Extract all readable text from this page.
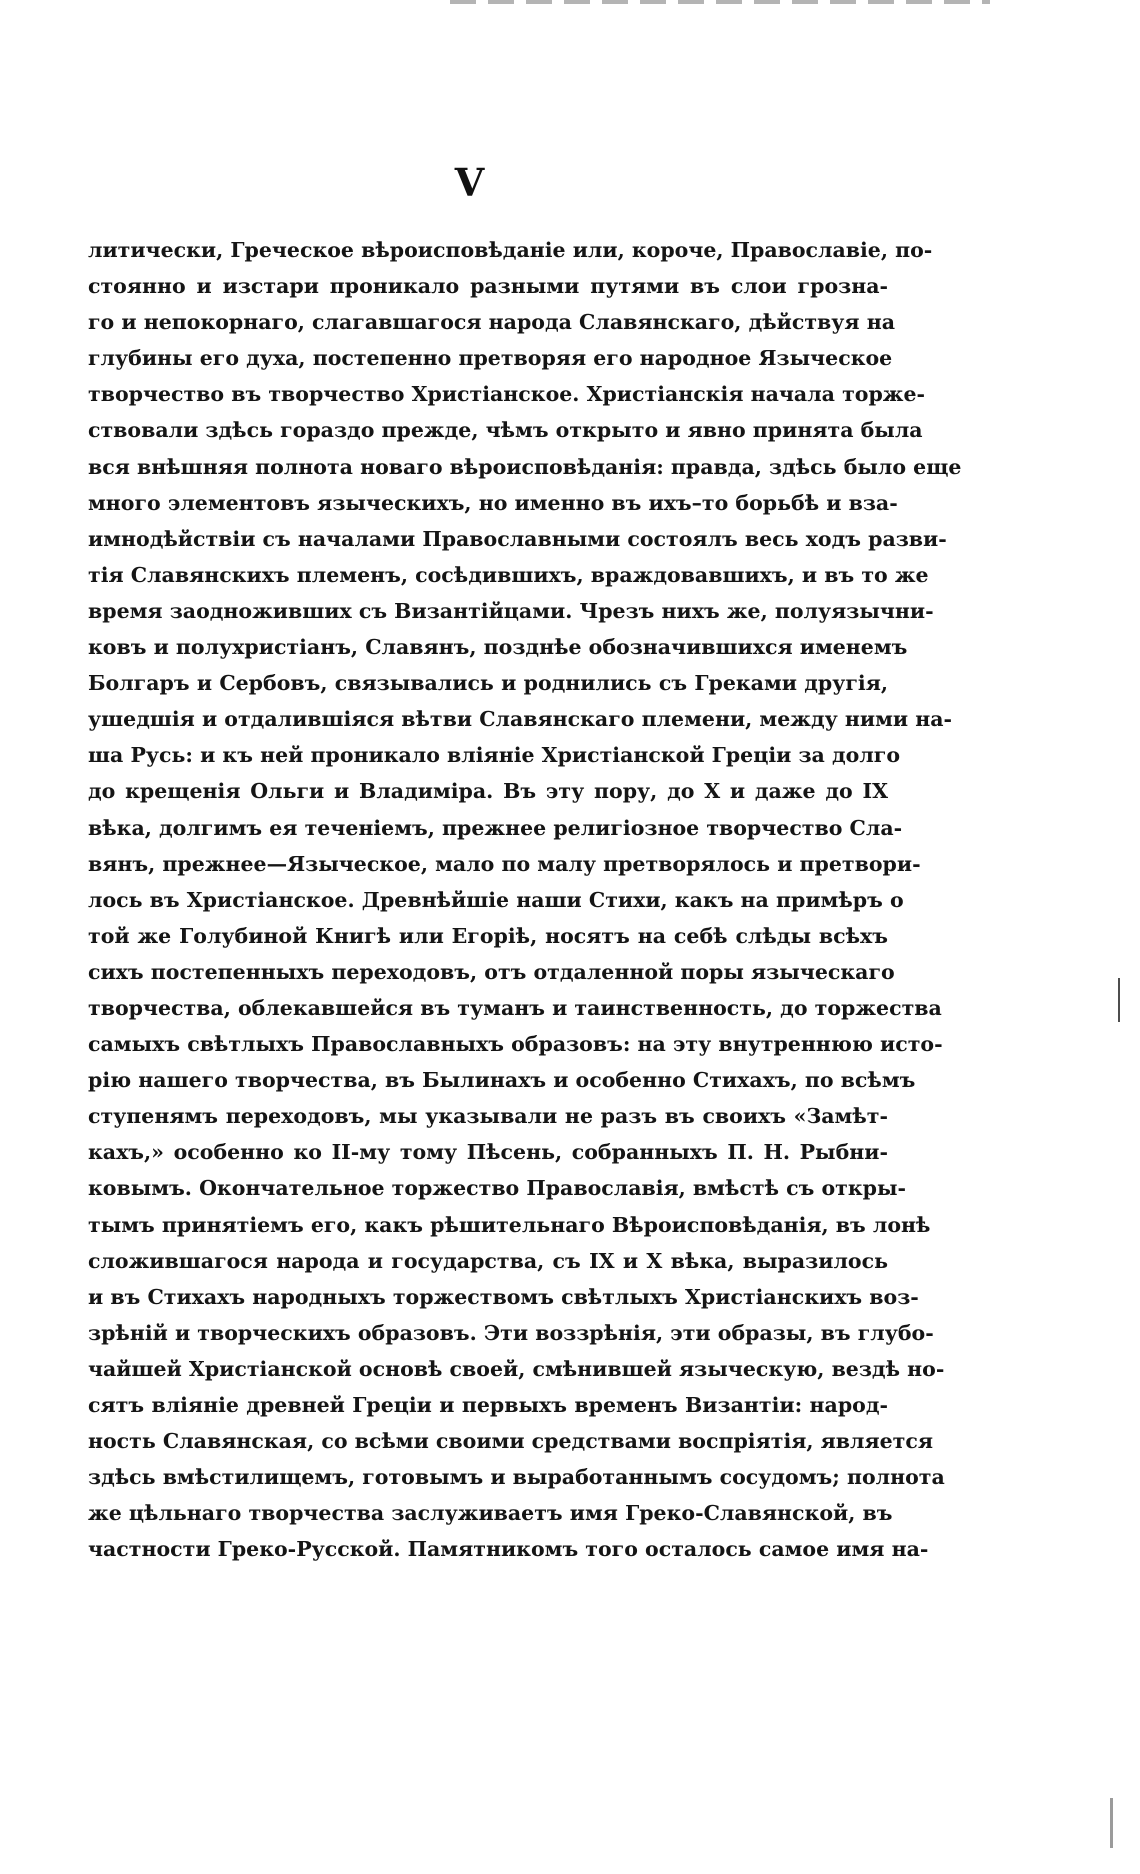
V
литически, Греческое вѣроисповѣданіе или, короче, Православіе, по-
стоянно и изстари проникало разными путями въ слои грозна-
го и непокорнаго, слагавшагося народа Славянскаго, дѣйствуя на
глубины его духа, постепенно претворяя его народное Языческое
творчество въ творчество Христіанское. Христіанскія начала торже-
ствовали здѣсь гораздо прежде, чѣмъ открыто и явно принята была
вся внѣшняя полнота новаго вѣроисповѣданія: правда, здѣсь было еще
много элементовъ языческихъ, но именно въ ихъ–то борьбѣ и вза-
имнодѣйствіи съ началами Православными состоялъ весь ходъ разви-
тія Славянскихъ племенъ, сосѣдившихъ, враждовавшихъ, и въ то же
время заодноживших съ Византійцами. Чрезъ нихъ же, полуязычни-
ковъ и полухристіанъ, Славянъ, позднѣе обозначившихся именемъ
Болгаръ и Сербовъ, связывались и роднились съ Греками другія,
ушедшія и отдалившіяся вѣтви Славянскаго племени, между ними на-
ша Русь: и къ ней проникало вліяніе Христіанской Греціи за долго
до крещенія Ольги и Владиміра. Въ эту пору, до X и даже до IX
вѣка, долгимъ ея теченіемъ, прежнее религіозное творчество Сла-
вянъ, прежнее—Языческое, мало по малу претворялось и претвори-
лось въ Христіанское. Древнѣйшіе наши Стихи, какъ на примѣръ о
той же Голубиной Книгѣ или Егоріѣ, носятъ на себѣ слѣды всѣхъ
сихъ постепенныхъ переходовъ, отъ отдаленной поры языческаго
творчества, облекавшейся въ туманъ и таинственность, до торжества
самыхъ свѣтлыхъ Православныхъ образовъ: на эту внутреннюю исто-
рію нашего творчества, въ Былинахъ и особенно Стихахъ, по всѣмъ
ступенямъ переходовъ, мы указывали не разъ въ своихъ «Замѣт-
кахъ,» особенно ко II-му тому Пѣсень, собранныхъ П. Н. Рыбни-
ковымъ. Окончательное торжество Православія, вмѣстѣ съ откры-
тымъ принятіемъ его, какъ рѣшительнаго Вѣроисповѣданія, въ лонѣ
сложившагося народа и государства, съ IX и X вѣка, выразилось
и въ Стихахъ народныхъ торжествомъ свѣтлыхъ Христіанскихъ воз-
зрѣній и творческихъ образовъ. Эти воззрѣнія, эти образы, въ глубо-
чайшей Христіанской основѣ своей, смѣнившей языческую, вездѣ но-
сятъ вліяніе древней Греціи и первыхъ временъ Византіи: народ-
ность Славянская, со всѣми своими средствами воспріятія, является
здѣсь вмѣстилищемъ, готовымъ и выработаннымъ сосудомъ; полнота
же цѣльнаго творчества заслуживаетъ имя Греко-Славянской, въ
частности Греко-Русской. Памятникомъ того осталось самое имя на-
